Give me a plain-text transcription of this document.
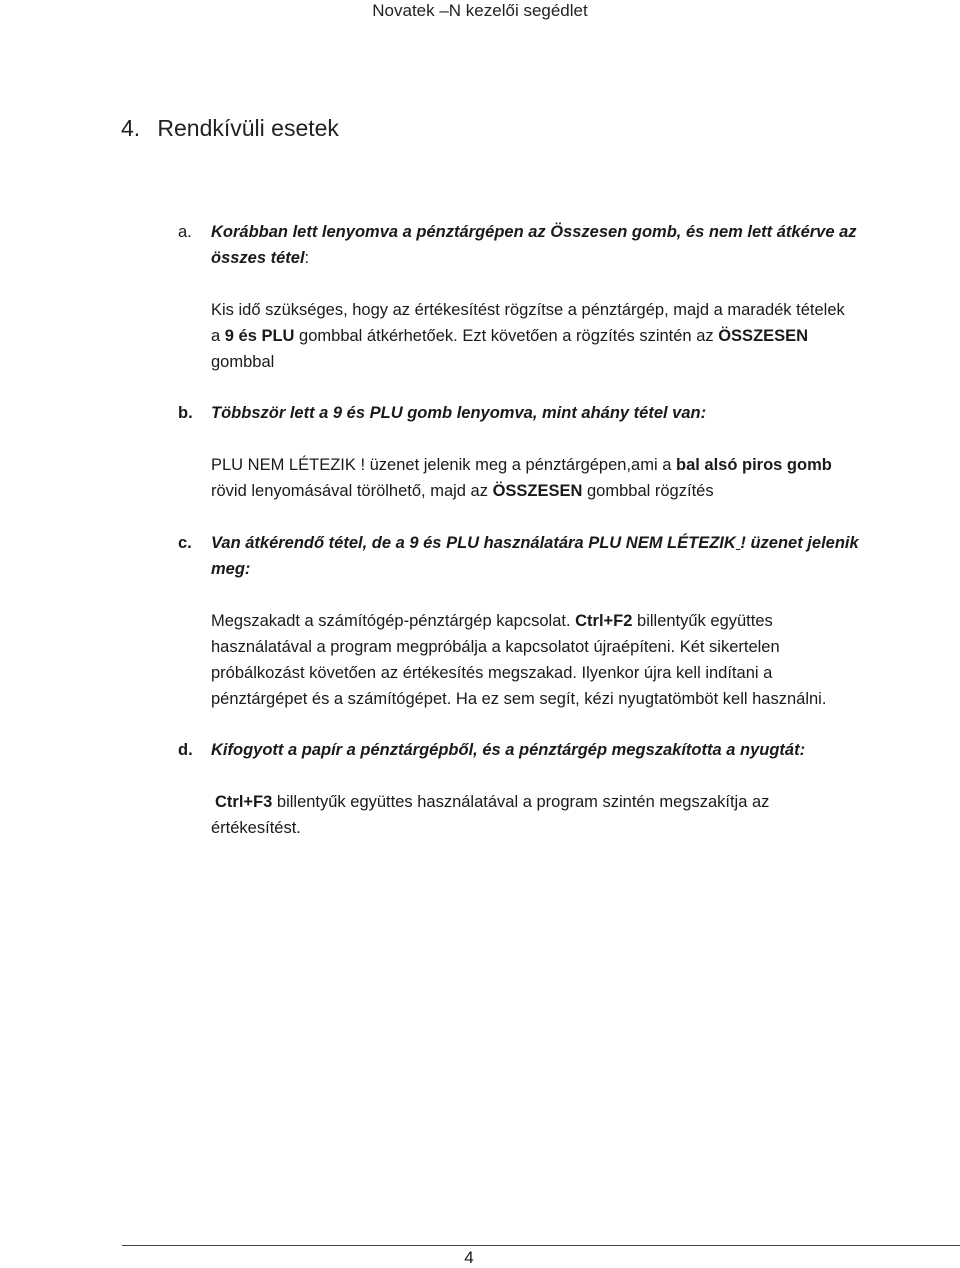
Novatek –N kezelői segédlet
4. Rendkívüli esetek
a.	Korábban lett lenyomva a pénztárgépen az Összesen gomb, és nem lett átkérve az
összes tétel:
Kis idő szükséges, hogy az értékesítést rögzítse a pénztárgép, majd a maradék tételek
a 9 és PLU gombbal átkérhetőek. Ezt követően a rögzítés szintén az ÖSSZESEN
gombbal
b.	Többször lett a 9 és PLU gomb lenyomva, mint ahány tétel van:
PLU NEM LÉTEZIK ! üzenet jelenik meg a pénztárgépen,ami a bal alsó piros gomb
rövid lenyomásával törölhető, majd az ÖSSZESEN gombbal rögzítés
c.	Van átkérendő tétel, de a 9 és PLU használatára PLU NEM LÉTEZIK ! üzenet jelenik
meg:
Megszakadt a számítógép-pénztárgép kapcsolat. Ctrl+F2 billentyűk együttes
használatával a program megpróbálja a kapcsolatot újraépíteni. Két sikertelen
próbálkozást követően az értékesítés megszakad. Ilyenkor újra kell indítani a
pénztárgépet és a számítógépet. Ha ez sem segít, kézi nyugtatömböt kell használni.
d.	Kifogyott a papír a pénztárgépből, és a pénztárgép megszakította a nyugtát:
Ctrl+F3 billentyűk együttes használatával a program szintén megszakítja az
értékesítést.
4
